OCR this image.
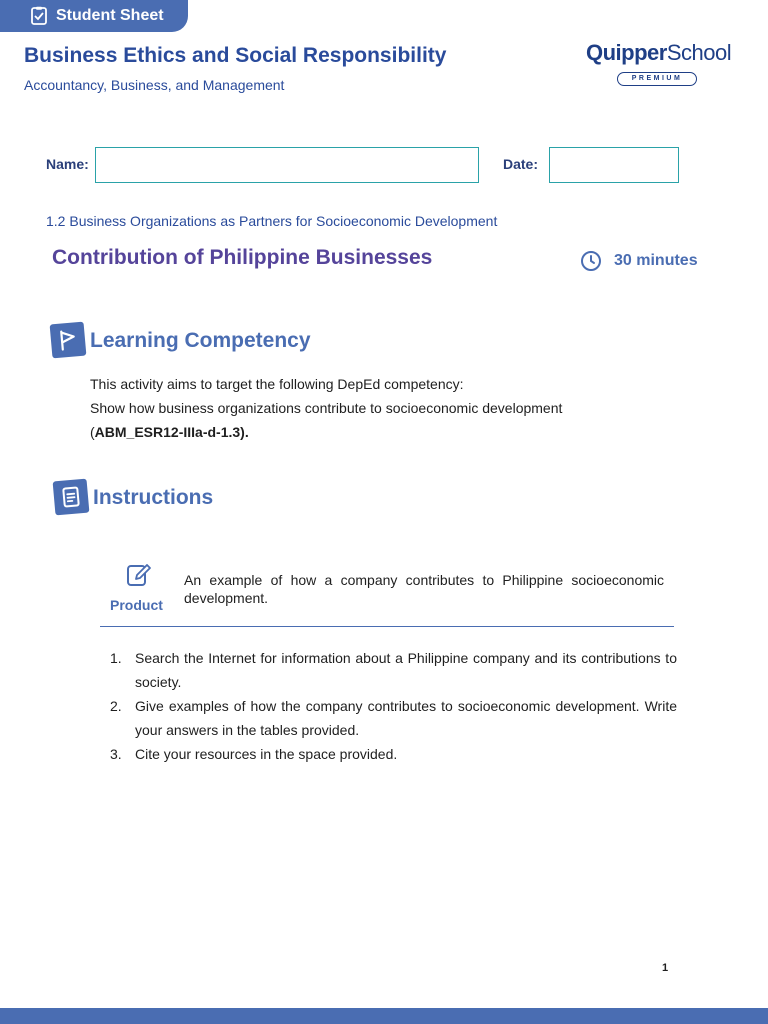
Student Sheet
Business Ethics and Social Responsibility
Accountancy, Business, and Management
QuipperSchool
PREMIUM
Name:	Date:
1.2 Business Organizations as Partners for Socioeconomic Development
Contribution of Philippine Businesses	30 minutes
Learning Competency
This activity aims to target the following DepEd competency:
Show how business organizations contribute to socioeconomic development
(ABM_ESR12-IIIa-d-1.3).
Instructions
Product
An example of how a company contributes to Philippine socioeconomic development.
1. Search the Internet for information about a Philippine company and its contributions to society.
2. Give examples of how the company contributes to socioeconomic development. Write your answers in the tables provided.
3. Cite your resources in the space provided.
1
